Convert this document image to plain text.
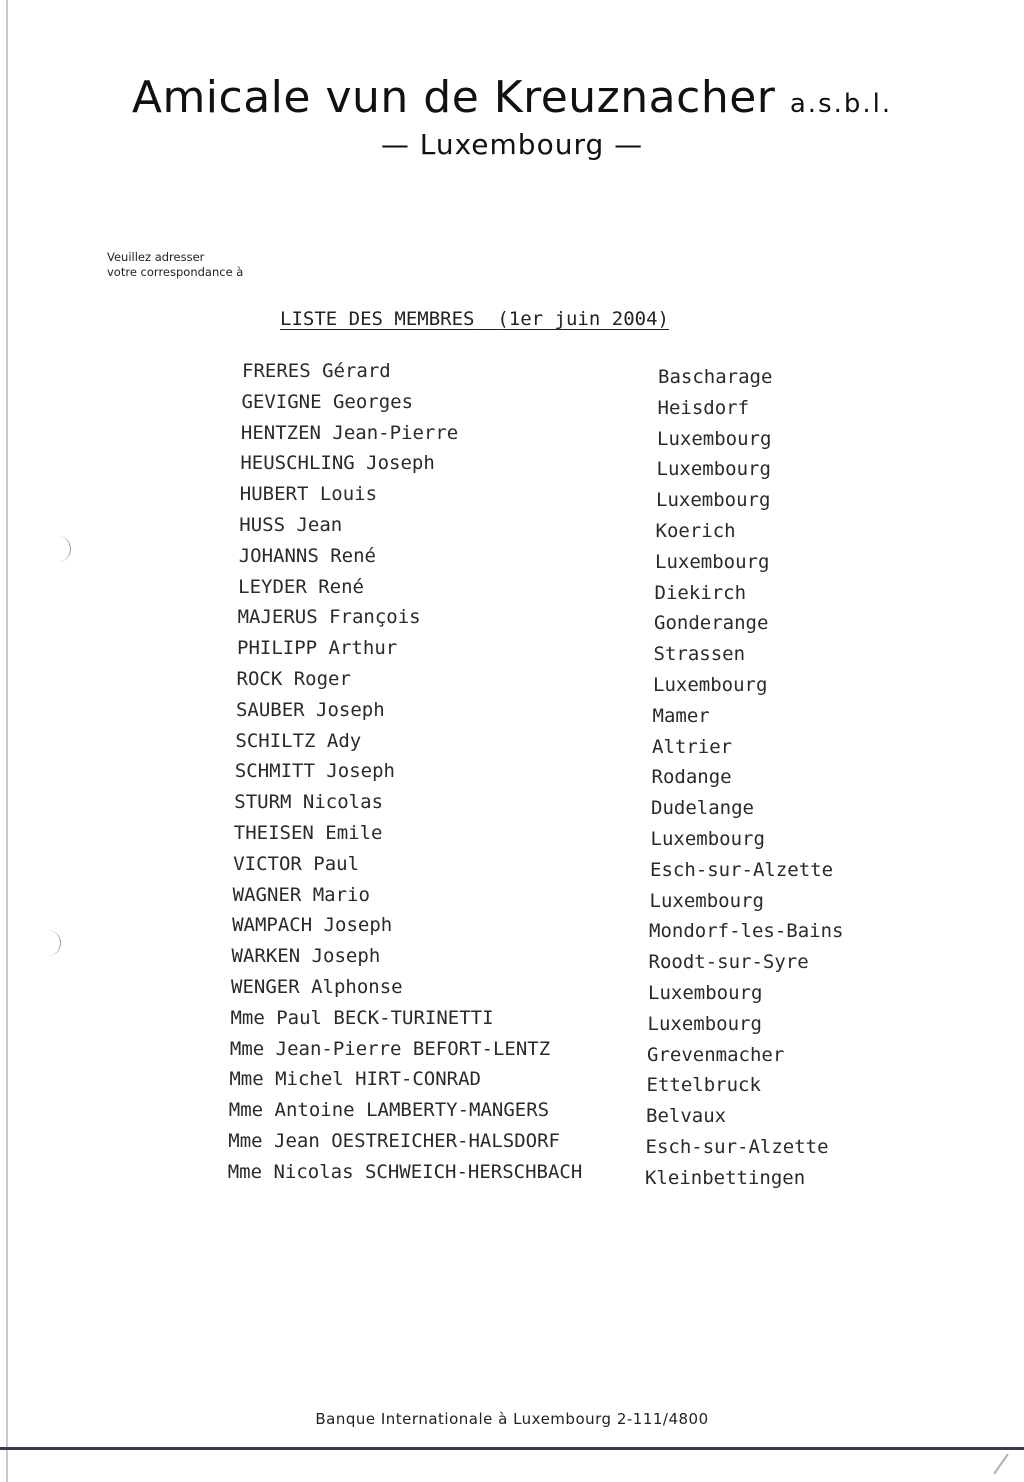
Amicale vun de Kreuznacher a.s.b.l.
— Luxembourg —
Veuillez adresser
votre correspondance à
LISTE DES MEMBRES (1er juin 2004)
FRERES Gérard	Bascharage
GEVIGNE Georges	Heisdorf
HENTZEN Jean-Pierre	Luxembourg
HEUSCHLING Joseph	Luxembourg
HUBERT Louis	Luxembourg
HUSS Jean	Koerich
JOHANNS René	Luxembourg
LEYDER René	Diekirch
MAJERUS François	Gonderange
PHILIPP Arthur	Strassen
ROCK Roger	Luxembourg
SAUBER Joseph	Mamer
SCHILTZ Ady	Altrier
SCHMITT Joseph	Rodange
STURM Nicolas	Dudelange
THEISEN Emile	Luxembourg
VICTOR Paul	Esch-sur-Alzette
WAGNER Mario	Luxembourg
WAMPACH Joseph	Mondorf-les-Bains
WARKEN Joseph	Roodt-sur-Syre
WENGER Alphonse	Luxembourg
Mme Paul BECK-TURINETTI	Luxembourg
Mme Jean-Pierre BEFORT-LENTZ	Grevenmacher
Mme Michel HIRT-CONRAD	Ettelbruck
Mme Antoine LAMBERTY-MANGERS	Belvaux
Mme Jean OESTREICHER-HALSDORF	Esch-sur-Alzette
Mme Nicolas SCHWEICH-HERSCHBACH	Kleinbettingen
Banque Internationale à Luxembourg 2-111/4800
